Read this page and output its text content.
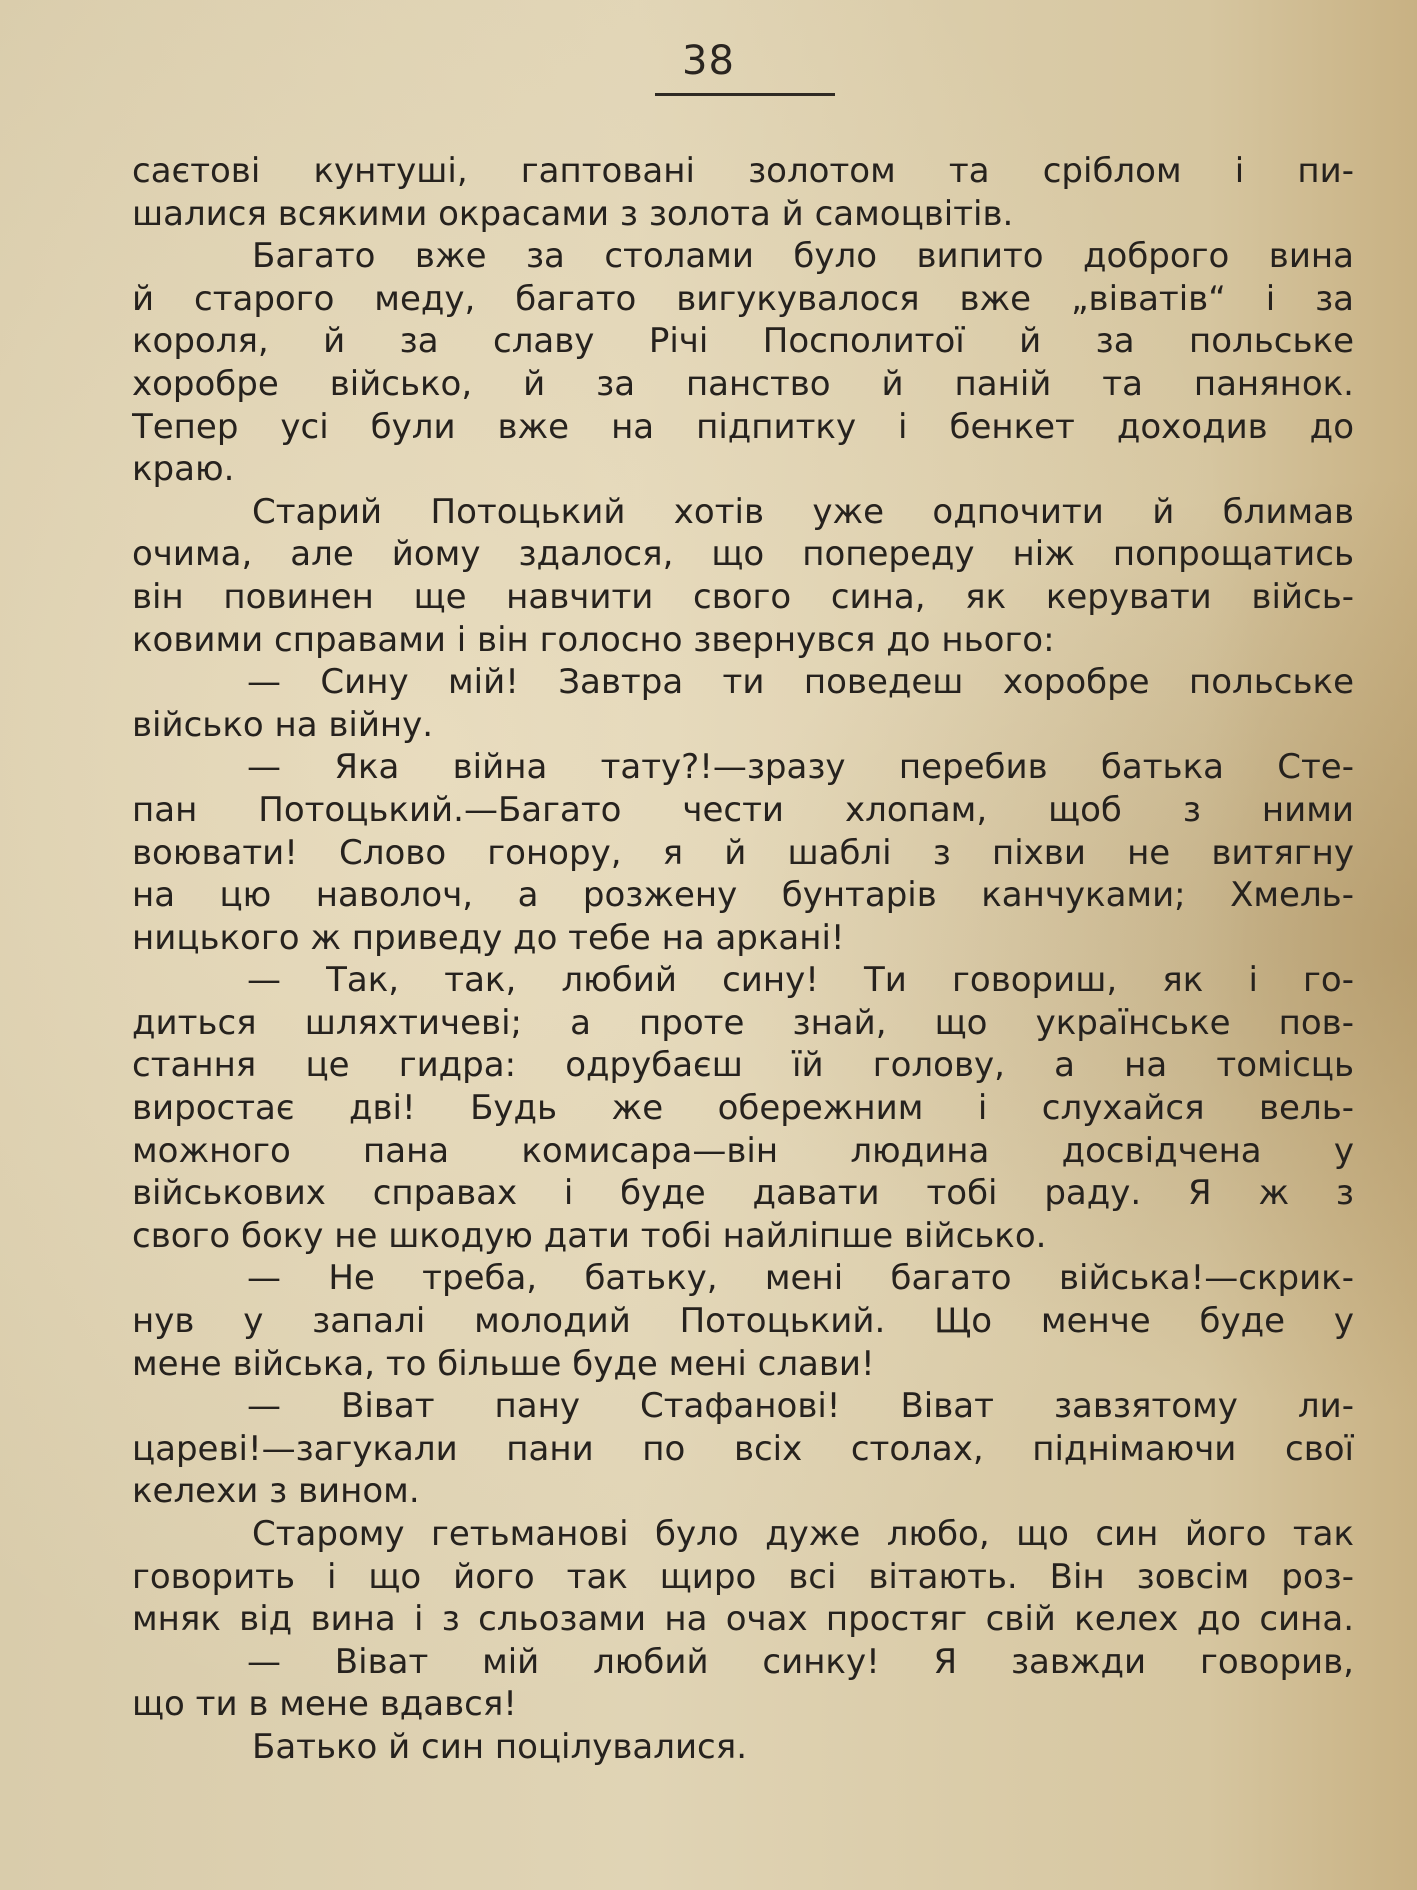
38
саєтові кунтуші, гаптовані золотом та сріблом і пи-
шалися всякими окрасами з золота й самоцвітів.
Багато вже за столами було випито доброго вина
й старого меду, багато вигукувалося вже „віватів“ і за
короля, й за славу Річі Посполитої й за польське
хоробре військо, й за панство й паній та панянок.
Тепер усі були вже на підпитку і бенкет доходив до
краю.
Старий Потоцький хотів уже одпочити й блимав
очима, але йому здалося, що попереду ніж попрощатись
він повинен ще навчити свого сина, як керувати війсь-
ковими справами і він голосно звернувся до нього:
— Сину мій! Завтра ти поведеш хоробре польське
військо на війну.
— Яка війна тату?!—зразу перебив батька Сте-
пан Потоцький.—Багато чести хлопам, щоб з ними
воювати! Слово гонору, я й шаблі з піхви не витягну
на цю наволоч, а розжену бунтарів канчуками; Хмель-
ницького ж приведу до тебе на аркані!
— Так, так, любий сину! Ти говориш, як і го-
диться шляхтичеві; а проте знай, що українське пов-
стання це гидра: одрубаєш їй голову, а на томісць
виростає дві! Будь же обережним і слухайся вель-
можного пана комисара—він людина досвідчена у
військових справах і буде давати тобі раду. Я ж з
свого боку не шкодую дати тобі найліпше військо.
— Не треба, батьку, мені багато війська!—скрик-
нув у запалі молодий Потоцький. Що менче буде у
мене війська, то більше буде мені слави!
— Віват пану Стафанові! Віват завзятому ли-
цареві!—загукали пани по всіх столах, піднімаючи свої
келехи з вином.
Старому гетьманові було дуже любо, що син його так
говорить і що його так щиро всі вітають. Він зовсім роз-
мняк від вина і з сльозами на очах простяг свій келех до сина.
— Віват мій любий синку! Я завжди говорив,
що ти в мене вдався!
Батько й син поцілувалися.
